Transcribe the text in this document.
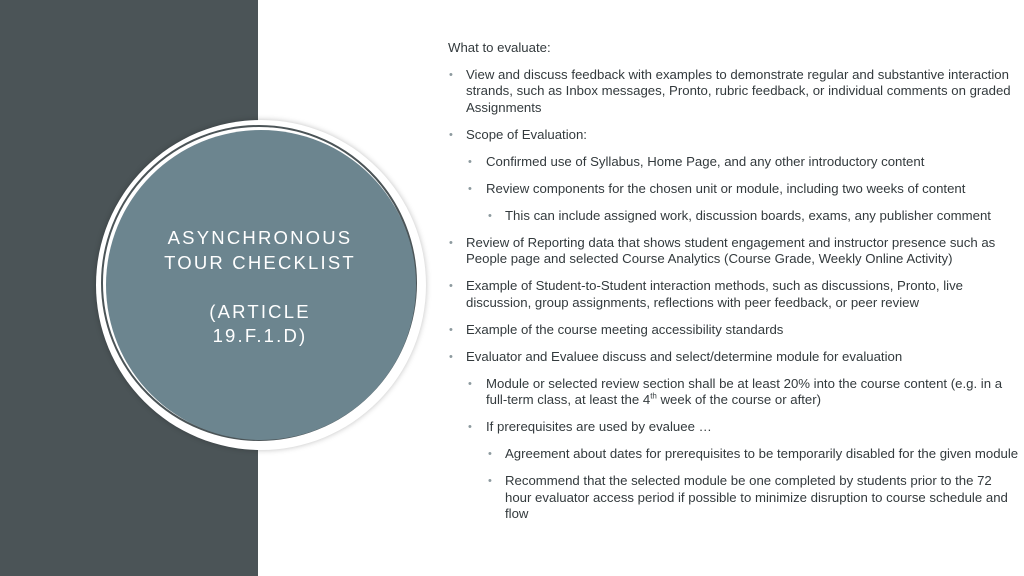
ASYNCHRONOUS
TOUR CHECKLIST

(ARTICLE
19.F.1.D)
What to evaluate:
• View and discuss feedback with examples to demonstrate regular and substantive interaction strands, such as Inbox messages, Pronto, rubric feedback, or individual comments on graded Assignments
• Scope of Evaluation:
• Confirmed use of Syllabus, Home Page, and any other introductory content
• Review components for the chosen unit or module, including two weeks of content
• This can include assigned work, discussion boards, exams, any publisher comment
• Review of Reporting data that shows student engagement and instructor presence such as People page and selected Course Analytics (Course Grade, Weekly Online Activity)
• Example of Student-to-Student interaction methods, such as discussions, Pronto, live discussion, group assignments, reflections with peer feedback, or peer review
• Example of the course meeting accessibility standards
• Evaluator and Evaluee discuss and select/determine module for evaluation
• Module or selected review section shall be at least 20% into the course content (e.g. in a full-term class, at least the 4th week of the course or after)
• If prerequisites are used by evaluee …
• Agreement about dates for prerequisites to be temporarily disabled for the given module
• Recommend that the selected module be one completed by students prior to the 72 hour evaluator access period if possible to minimize disruption to course schedule and flow
